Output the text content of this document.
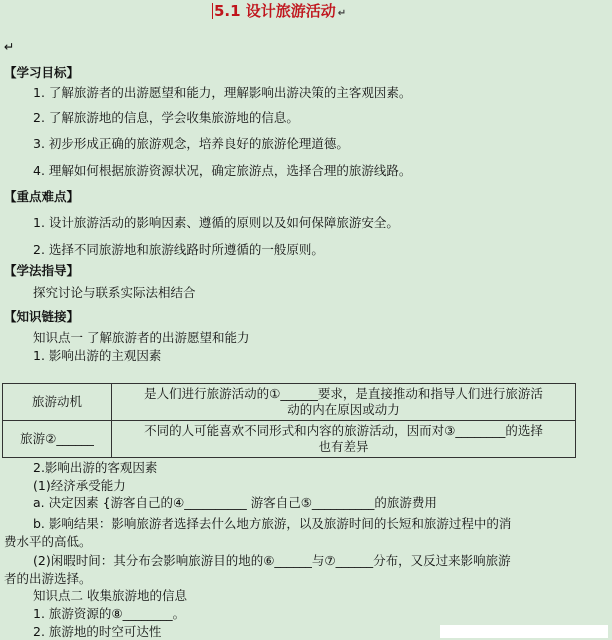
5.1 设计旅游活动 ↵
↵
【学习目标】
1. 了解旅游者的出游愿望和能力，理解影响出游决策的主客观因素。
2. 了解旅游地的信息，学会收集旅游地的信息。
3. 初步形成正确的旅游观念，培养良好的旅游伦理道德。
4. 理解如何根据旅游资源状况，确定旅游点，选择合理的旅游线路。
【重点难点】
1. 设计旅游活动的影响因素、遵循的原则以及如何保障旅游安全。
2. 选择不同旅游地和旅游线路时所遵循的一般原则。
【学法指导】
探究讨论与联系实际法相结合
【知识链接】
知识点一 了解旅游者的出游愿望和能力
1. 影响出游的主观因素
旅游动机	是人们进行旅游活动的①______要求，是直接推动和指导人们进行旅游活
动的内在原因或动力

旅游②______	不同的人可能喜欢不同形式和内容的旅游活动，因而对③________的选择
也有差异
2.影响出游的客观因素
(1)经济承受能力
a. 决定因素 {游客自己的④__________ 游客自己⑤__________的旅游费用
b. 影响结果：影响旅游者选择去什么地方旅游，以及旅游时间的长短和旅游过程中的消
费水平的高低。
(2)闲暇时间：其分布会影响旅游目的地的⑥______与⑦______分布，又反过来影响旅游
者的出游选择。
知识点二 收集旅游地的信息
1. 旅游资源的⑧________。
2. 旅游地的时空可达性
